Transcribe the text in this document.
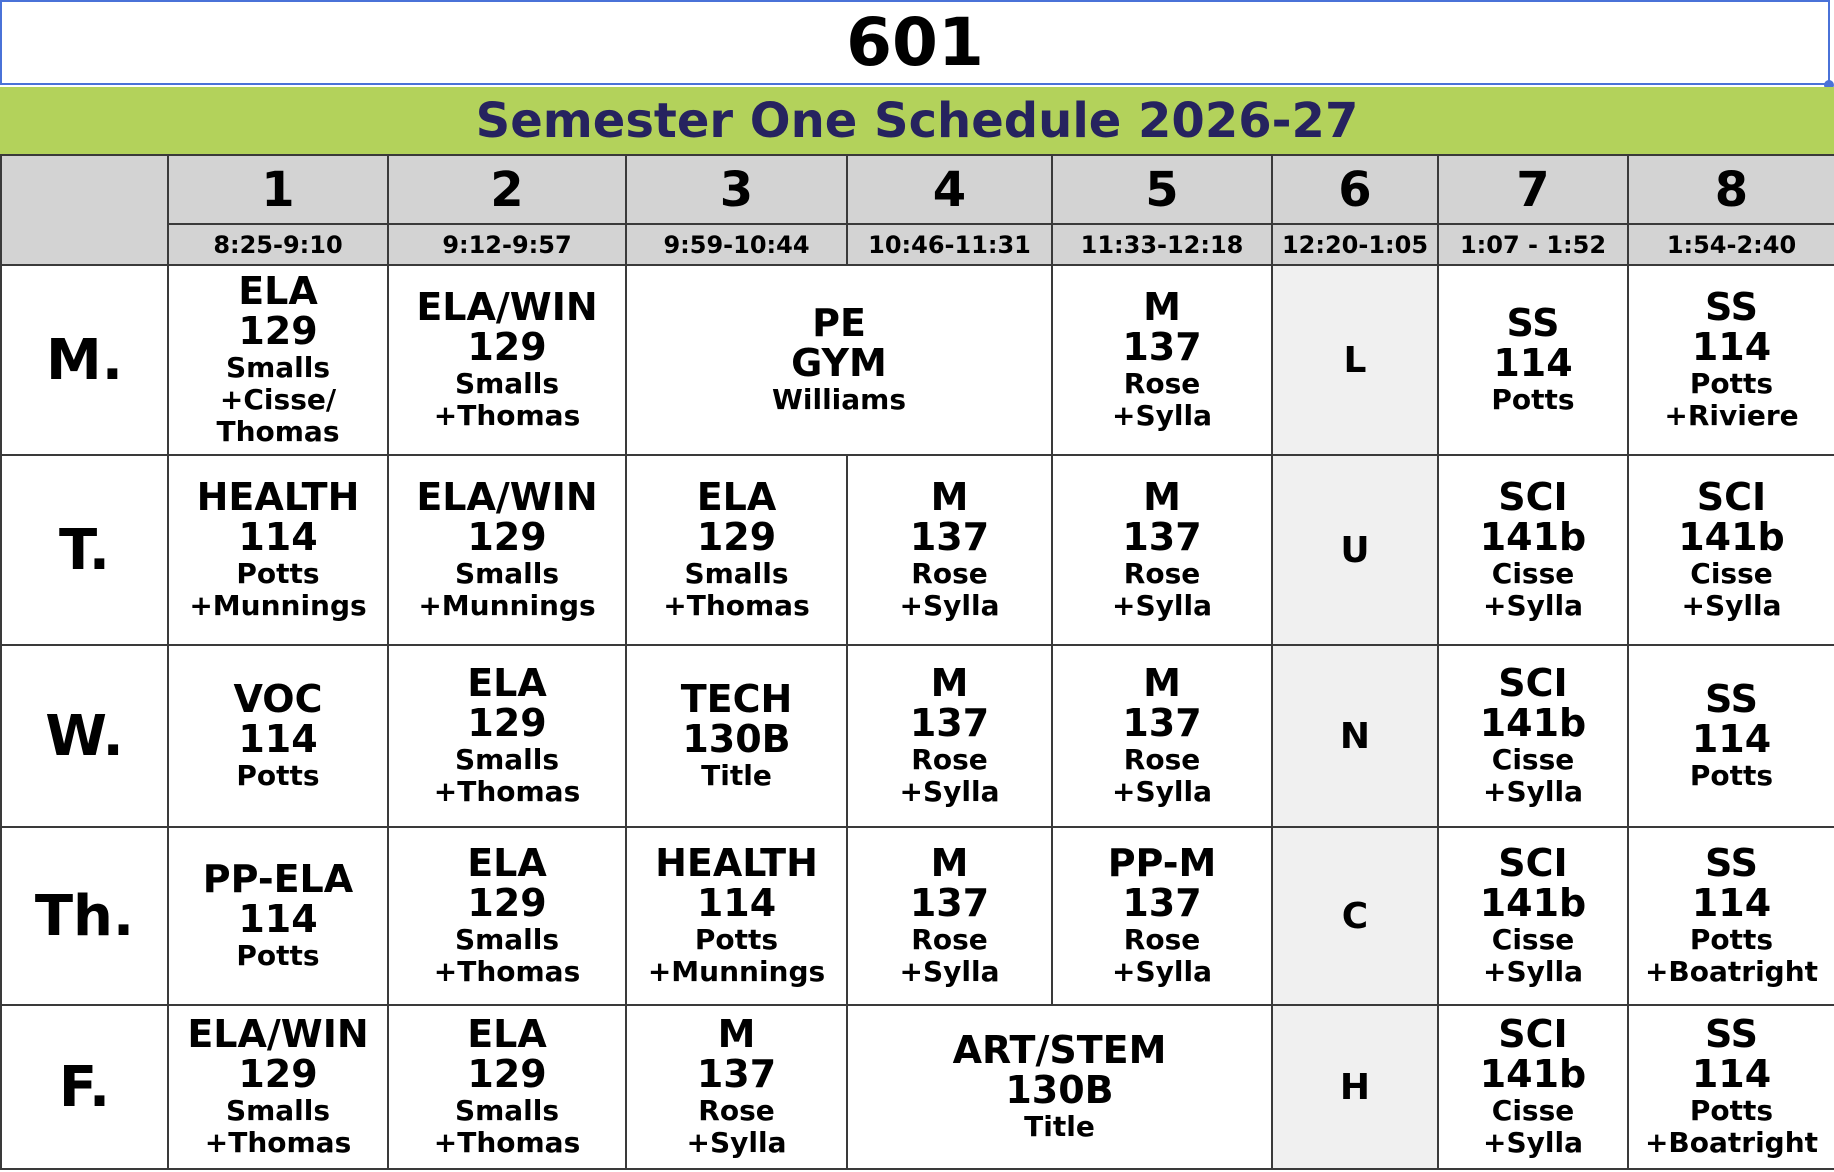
601
Semester One Schedule 2026-27
	1	2	3	4	5	6	7	8
	8:25-9:10	9:12-9:57	9:59-10:44	10:46-11:31	11:33-12:18	12:20-1:05	1:07 - 1:52	1:54-2:40
M.	ELA
129
Smalls
+Cisse/
Thomas	ELA/WIN
129
Smalls
+Thomas	PE
GYM
Williams		M
137
Rose
+Sylla	L	SS
114
Potts	SS
114
Potts
+Riviere

T.	HEALTH
114
Potts
+Munnings	ELA/WIN
129
Smalls
+Munnings	ELA
129
Smalls
+Thomas	M
137
Rose
+Sylla	M
137
Rose
+Sylla	U	SCI
141b
Cisse
+Sylla	SCI
141b
Cisse
+Sylla

W.	VOC
114
Potts	ELA
129
Smalls
+Thomas	TECH
130B
Title	M
137
Rose
+Sylla	M
137
Rose
+Sylla	N	SCI
141b
Cisse
+Sylla	SS
114
Potts

Th.	PP-ELA
114
Potts	ELA
129
Smalls
+Thomas	HEALTH
114
Potts
+Munnings	M
137
Rose
+Sylla	PP-M
137
Rose
+Sylla	C	SCI
141b
Cisse
+Sylla	SS
114
Potts
+Boatright

F.	ELA/WIN
129
Smalls
+Thomas	ELA
129
Smalls
+Thomas	M
137
Rose
+Sylla	ART/STEM
130B
Title		H	SCI
141b
Cisse
+Sylla	SS
114
Potts
+Boatright
